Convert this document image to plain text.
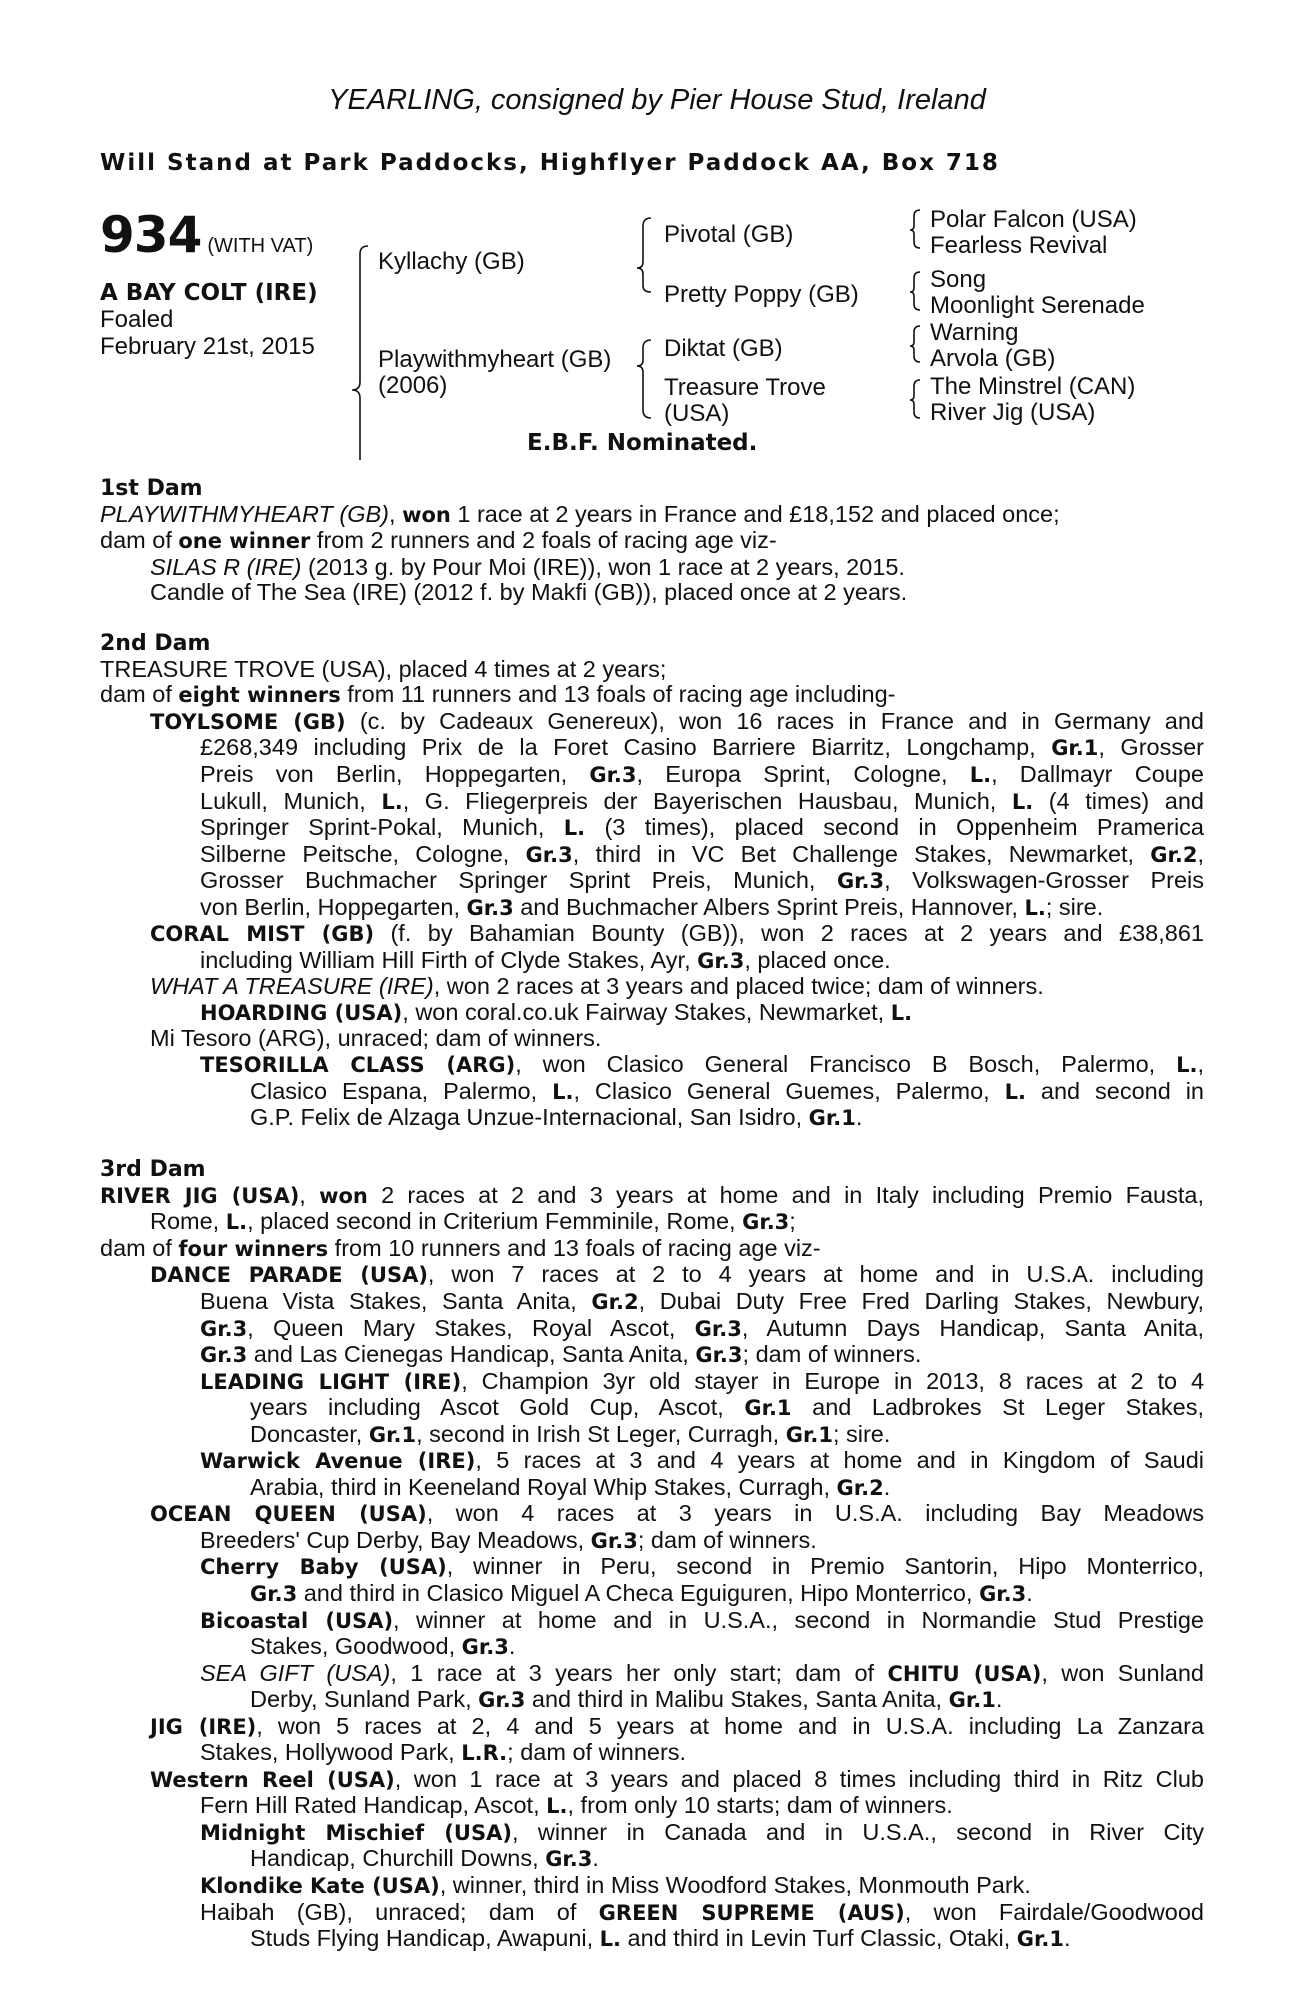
YEARLING, consigned by Pier House Stud, Ireland
Will Stand at Park Paddocks, Highflyer Paddock AA, Box 718
934 (WITH VAT)
A BAY COLT (IRE)
Foaled
February 21st, 2015
Kyllachy (GB)
Playwithmyheart (GB)
(2006)
Pivotal (GB)
Pretty Poppy (GB)
Diktat (GB)
Treasure Trove
(USA)
Polar Falcon (USA)
Fearless Revival
Song
Moonlight Serenade
Warning
Arvola (GB)
The Minstrel (CAN)
River Jig (USA)
E.B.F. Nominated.
1st Dam
PLAYWITHMYHEART (GB), won 1 race at 2 years in France and £18,152 and placed once;
dam of one winner from 2 runners and 2 foals of racing age viz-
SILAS R (IRE) (2013 g. by Pour Moi (IRE)), won 1 race at 2 years, 2015.
Candle of The Sea (IRE) (2012 f. by Makfi (GB)), placed once at 2 years.
2nd Dam
TREASURE TROVE (USA), placed 4 times at 2 years;
dam of eight winners from 11 runners and 13 foals of racing age including-
TOYLSOME (GB) (c. by Cadeaux Genereux), won 16 races in France and in Germany and
£268,349 including Prix de la Foret Casino Barriere Biarritz, Longchamp, Gr.1, Grosser
Preis von Berlin, Hoppegarten, Gr.3, Europa Sprint, Cologne, L., Dallmayr Coupe
Lukull, Munich, L., G. Fliegerpreis der Bayerischen Hausbau, Munich, L. (4 times) and
Springer Sprint-Pokal, Munich, L. (3 times), placed second in Oppenheim Pramerica
Silberne Peitsche, Cologne, Gr.3, third in VC Bet Challenge Stakes, Newmarket, Gr.2,
Grosser Buchmacher Springer Sprint Preis, Munich, Gr.3, Volkswagen-Grosser Preis
von Berlin, Hoppegarten, Gr.3 and Buchmacher Albers Sprint Preis, Hannover, L.; sire.
CORAL MIST (GB) (f. by Bahamian Bounty (GB)), won 2 races at 2 years and £38,861
including William Hill Firth of Clyde Stakes, Ayr, Gr.3, placed once.
WHAT A TREASURE (IRE), won 2 races at 3 years and placed twice; dam of winners.
HOARDING (USA), won coral.co.uk Fairway Stakes, Newmarket, L.
Mi Tesoro (ARG), unraced; dam of winners.
TESORILLA CLASS (ARG), won Clasico General Francisco B Bosch, Palermo, L.,
Clasico Espana, Palermo, L., Clasico General Guemes, Palermo, L. and second in
G.P. Felix de Alzaga Unzue-Internacional, San Isidro, Gr.1.
3rd Dam
RIVER JIG (USA), won 2 races at 2 and 3 years at home and in Italy including Premio Fausta,
Rome, L., placed second in Criterium Femminile, Rome, Gr.3;
dam of four winners from 10 runners and 13 foals of racing age viz-
DANCE PARADE (USA), won 7 races at 2 to 4 years at home and in U.S.A. including
Buena Vista Stakes, Santa Anita, Gr.2, Dubai Duty Free Fred Darling Stakes, Newbury,
Gr.3, Queen Mary Stakes, Royal Ascot, Gr.3, Autumn Days Handicap, Santa Anita,
Gr.3 and Las Cienegas Handicap, Santa Anita, Gr.3; dam of winners.
LEADING LIGHT (IRE), Champion 3yr old stayer in Europe in 2013, 8 races at 2 to 4
years including Ascot Gold Cup, Ascot, Gr.1 and Ladbrokes St Leger Stakes,
Doncaster, Gr.1, second in Irish St Leger, Curragh, Gr.1; sire.
Warwick Avenue (IRE), 5 races at 3 and 4 years at home and in Kingdom of Saudi
Arabia, third in Keeneland Royal Whip Stakes, Curragh, Gr.2.
OCEAN QUEEN (USA), won 4 races at 3 years in U.S.A. including Bay Meadows
Breeders' Cup Derby, Bay Meadows, Gr.3; dam of winners.
Cherry Baby (USA), winner in Peru, second in Premio Santorin, Hipo Monterrico,
Gr.3 and third in Clasico Miguel A Checa Eguiguren, Hipo Monterrico, Gr.3.
Bicoastal (USA), winner at home and in U.S.A., second in Normandie Stud Prestige
Stakes, Goodwood, Gr.3.
SEA GIFT (USA), 1 race at 3 years her only start; dam of CHITU (USA), won Sunland
Derby, Sunland Park, Gr.3 and third in Malibu Stakes, Santa Anita, Gr.1.
JIG (IRE), won 5 races at 2, 4 and 5 years at home and in U.S.A. including La Zanzara
Stakes, Hollywood Park, L.R.; dam of winners.
Western Reel (USA), won 1 race at 3 years and placed 8 times including third in Ritz Club
Fern Hill Rated Handicap, Ascot, L., from only 10 starts; dam of winners.
Midnight Mischief (USA), winner in Canada and in U.S.A., second in River City
Handicap, Churchill Downs, Gr.3.
Klondike Kate (USA), winner, third in Miss Woodford Stakes, Monmouth Park.
Haibah (GB), unraced; dam of GREEN SUPREME (AUS), won Fairdale/Goodwood
Studs Flying Handicap, Awapuni, L. and third in Levin Turf Classic, Otaki, Gr.1.
